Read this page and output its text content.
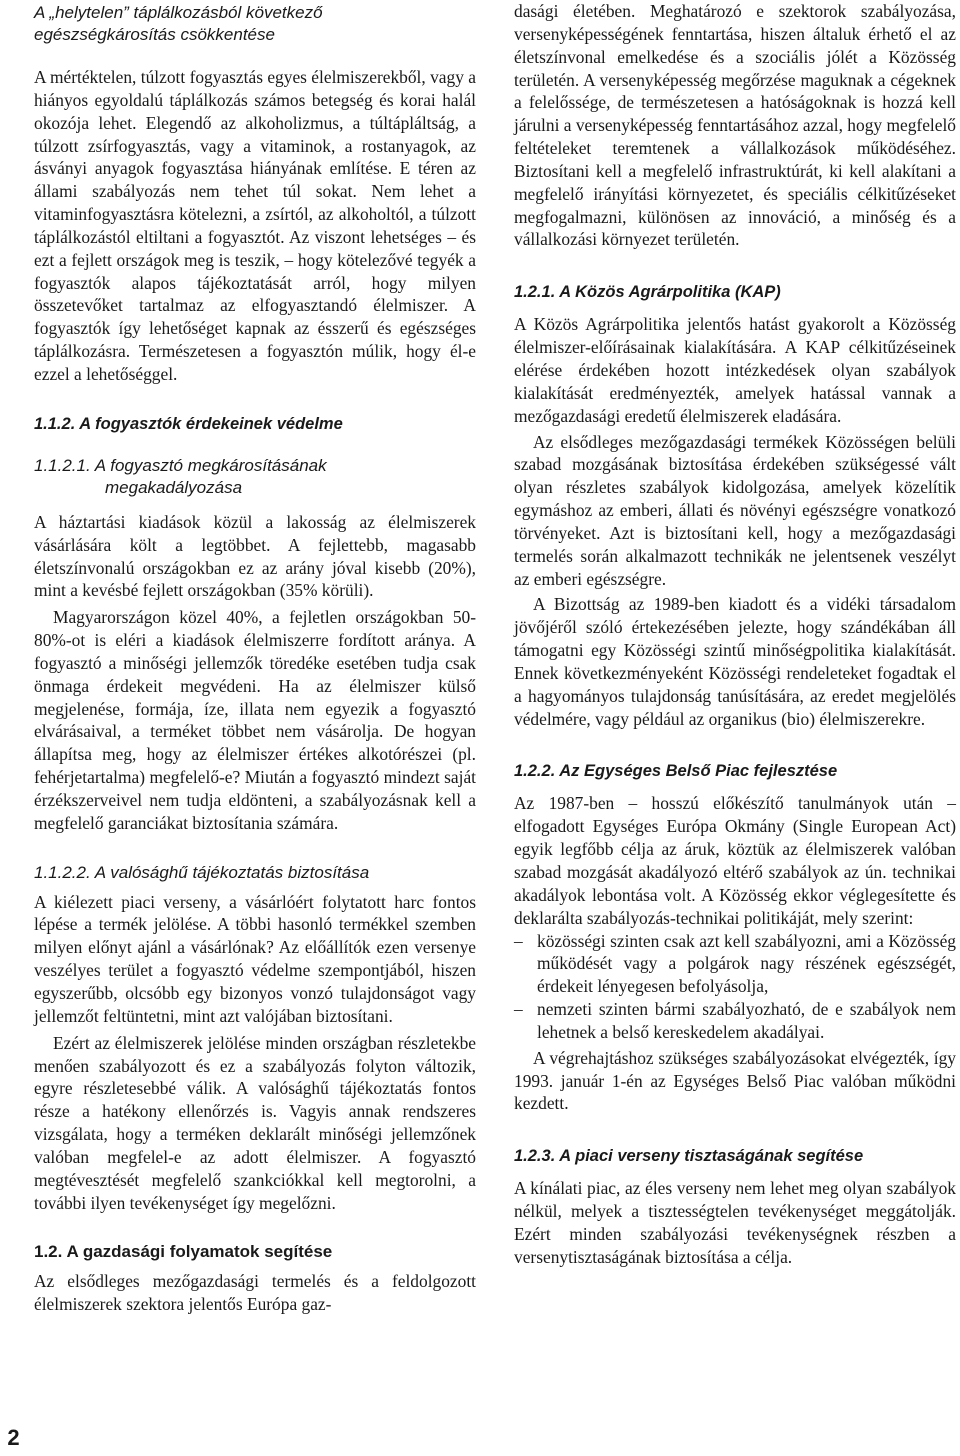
2

A „helytelen” táplálkozásból következő

egészségkárosítás csökkentése

A mértéktelen, túlzott fogyasztás egyes élelmiszerekből, vagy a hiányos egyoldalú táplálkozás számos betegség és korai halál okozója lehet. Elegendő az alkoholizmus, a túltápláltság, a túlzott zsírfogyasztás, vagy a vitaminok, a rostanyagok, az ásványi anyagok fogyasztása hiányának említése. E téren az állami szabályozás nem tehet túl sokat. Nem lehet a vitaminfogyasztásra kötelezni, a zsírtól, az alkoholtól, a túlzott táplálkozástól eltiltani a fogyasztót. Az viszont lehetséges – és ezt a fejlett országok meg is teszik, – hogy kötelezővé tegyék a fogyasztók alapos tájékoztatását arról, hogy milyen összetevőket tartalmaz az elfogyasztandó élelmiszer. A fogyasztók így lehetőséget kapnak az ésszerű és egészséges táplálkozásra. Természetesen a fogyasztón múlik, hogy él-e ezzel a lehetőséggel.

1.1.2. A fogyasztók érdekeinek védelme

1.1.2.1. A fogyasztó megkárosításának

megakadályozása

A háztartási kiadások közül a lakosság az élelmiszerek vásárlására költ a legtöbbet. A fejlettebb, magasabb életszínvonalú országokban ez az arány jóval kisebb (20%), mint a kevésbé fejlett országokban (35% körüli).

Magyarországon közel 40%, a fejletlen országokban 50-80%-ot is eléri a kiadások élelmiszerre fordított aránya. A fogyasztó a minőségi jellemzők töredéke esetében tudja csak önmaga érdekeit megvédeni. Ha az élelmiszer külső megjelenése, formája, íze, illata nem egyezik a fogyasztó elvárásaival, a terméket többet nem vásárolja. De hogyan állapítsa meg, hogy az élelmiszer értékes alkotórészei (pl. fehérjetartalma) megfelelő-e? Miután a fogyasztó mindezt saját érzékszerveivel nem tudja eldönteni, a szabályozásnak kell a megfelelő garanciákat biztosítania számára.

1.1.2.2. A valósághű tájékoztatás biztosítása

A kiélezett piaci verseny, a vásárlóért folytatott harc fontos lépése a termék jelölése. A többi hasonló termékkel szemben milyen előnyt ajánl a vásárlónak? Az előállítók ezen versenye veszélyes terület a fogyasztó védelme szempontjából, hiszen egyszerűbb, olcsóbb egy bizonyos vonzó tulajdonságot vagy jellemzőt feltüntetni, mint azt valójában biztosítani.

Ezért az élelmiszerek jelölése minden országban részletekbe menően szabályozott és ez a szabályozás folyton változik, egyre részletesebbé válik. A valósághű tájékoztatás fontos része a hatékony ellenőrzés is. Vagyis annak rendszeres vizsgálata, hogy a terméken deklarált minőségi jellemzőnek valóban megfelel-e az adott élelmiszer. A fogyasztó megtévesztését megfelelő szankciókkal kell megtorolni, a további ilyen tevékenységet így megelőzni.

1.2. A gazdasági folyamatok segítése

Az elsődleges mezőgazdasági termelés és a feldolgozott élelmiszerek szektora jelentős Európa gaz-

dasági életében. Meghatározó e szektorok szabályozása, versenyképességének fenntartása, hiszen általuk érhető el az életszínvonal emelkedése és a szociális jólét a Közösség területén. A versenyképesség megőrzése maguknak a cégeknek a felelőssége, de természetesen a hatóságoknak is hozzá kell járulni a versenyképesség fenntartásához azzal, hogy megfelelő feltételeket teremtenek a vállalkozások működéséhez. Biztosítani kell a megfelelő infrastruktúrát, ki kell alakítani a megfelelő irányítási környezetet, és speciális célkitűzéseket megfogalmazni, különösen az innováció, a minőség és a vállalkozási környezet területén.

1.2.1. A Közös Agrárpolitika (KAP)

A Közös Agrárpolitika jelentős hatást gyakorolt a Közösség élelmiszer-előírásainak kialakítására. A KAP célkitűzéseinek elérése érdekében hozott intézkedések olyan szabályok kialakítását eredményezték, amelyek hatással vannak a mezőgazdasági eredetű élelmiszerek eladására.

Az elsődleges mezőgazdasági termékek Közösségen belüli szabad mozgásának biztosítása érdekében szükségessé vált olyan részletes szabályok kidolgozása, amelyek közelítik egymáshoz az emberi, állati és növényi egészségre vonatkozó törvényeket. Azt is biztosítani kell, hogy a mezőgazdasági termelés során alkalmazott technikák ne jelentsenek veszélyt az emberi egészségre.

A Bizottság az 1989-ben kiadott és a vidéki társadalom jövőjéről szóló értekezésében jelezte, hogy szándékában áll támogatni egy Közösségi szintű minőségpolitika kialakítását. Ennek következményeként Közösségi rendeleteket fogadtak el a hagyományos tulajdonság tanúsítására, az eredet megjelölés védelmére, vagy például az organikus (bio) élelmiszerekre.

1.2.2. Az Egységes Belső Piac fejlesztése

Az 1987-ben – hosszú előkészítő tanulmányok után – elfogadott Egységes Európa Okmány (Single European Act) egyik legfőbb célja az áruk, köztük az élelmiszerek valóban szabad mozgását akadályozó eltérő szabályok az ún. technikai akadályok lebontása volt. A Közösség ekkor véglegesítette és deklarálta szabályozás-technikai politikáját, mely szerint:

– közösségi szinten csak azt kell szabályozni, ami a Közösség működését vagy a polgárok nagy részének egészségét, érdekeit lényegesen befolyásolja,
– nemzeti szinten bármi szabályozható, de e szabályok nem lehetnek a belső kereskedelem akadályai.

A végrehajtáshoz szükséges szabályozásokat elvégezték, így 1993. január 1-én az Egységes Belső Piac valóban működni kezdett.

1.2.3. A piaci verseny tisztaságának segítése

A kínálati piac, az éles verseny nem lehet meg olyan szabályok nélkül, melyek a tisztességtelen tevékenységet meggátolják. Ezért minden szabályozási tevékenységnek részben a versenytisztaságának biztosítása a célja.
